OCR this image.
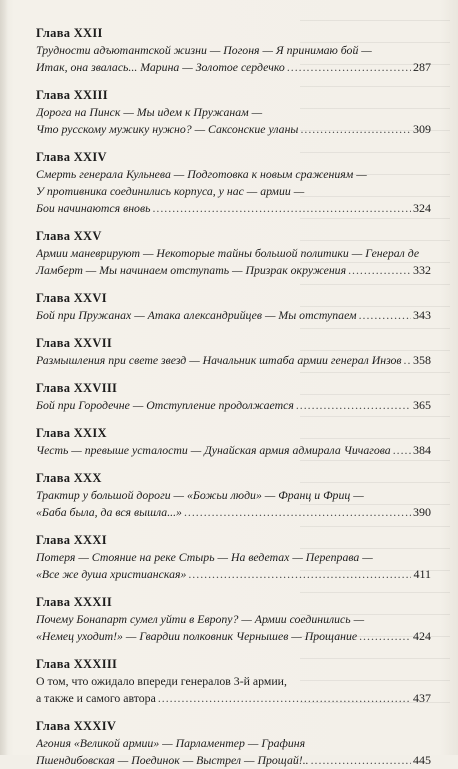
Глава XXII
Трудности адъютантской жизни — Погоня — Я принимаю бой —
Итак, она звалась... Марина — Золотое сердечко .....	287
Глава XXIII
Дорога на Пинск — Мы идем к Пружанам —
Что русскому мужику нужно? — Саксонские уланы .....	309
Глава XXIV
Смерть генерала Кульнева — Подготовка к новым сражениям —
У противника соединились корпуса, у нас — армии —
Бои начинаются вновь .....	324
Глава XXV
Армии маневрируют — Некоторые тайны большой политики — Генерал де
Ламберт — Мы начинаем отступать — Призрак окружения .....	332
Глава XXVI
Бой при Пружанах — Атака александрийцев — Мы отступаем .....	343
Глава XXVII
Размышления при свете звезд — Начальник штаба армии генерал Инзов ..... 358
Глава XXVIII
Бой при Городечне — Отступление продолжается .....	365
Глава XXIX
Честь — превыше усталости — Дунайская армия адмирала Чичагова ..... 384
Глава XXX
Трактир у большой дороги — «Божьи люди» — Франц и Фриц —
«Баба была, да вся вышла...» .....	390
Глава XXXI
Потеря — Стояние на реке Стырь — На ведетах — Переправа —
«Все же душа христианская» .....	411
Глава XXXII
Почему Бонапарт сумел уйти в Европу? — Армии соединились —
«Немец уходит!» — Гвардии полковник Чернышев — Прощание .....	424
Глава XXXIII
О том, что ожидало впереди генералов 3-й армии,
а также и самого автора .....	437
Глава XXXIV
Агония «Великой армии» — Парламентер — Графиня
Пшендибовская — Поединок — Выстрел — Прощай!.. .....	445
